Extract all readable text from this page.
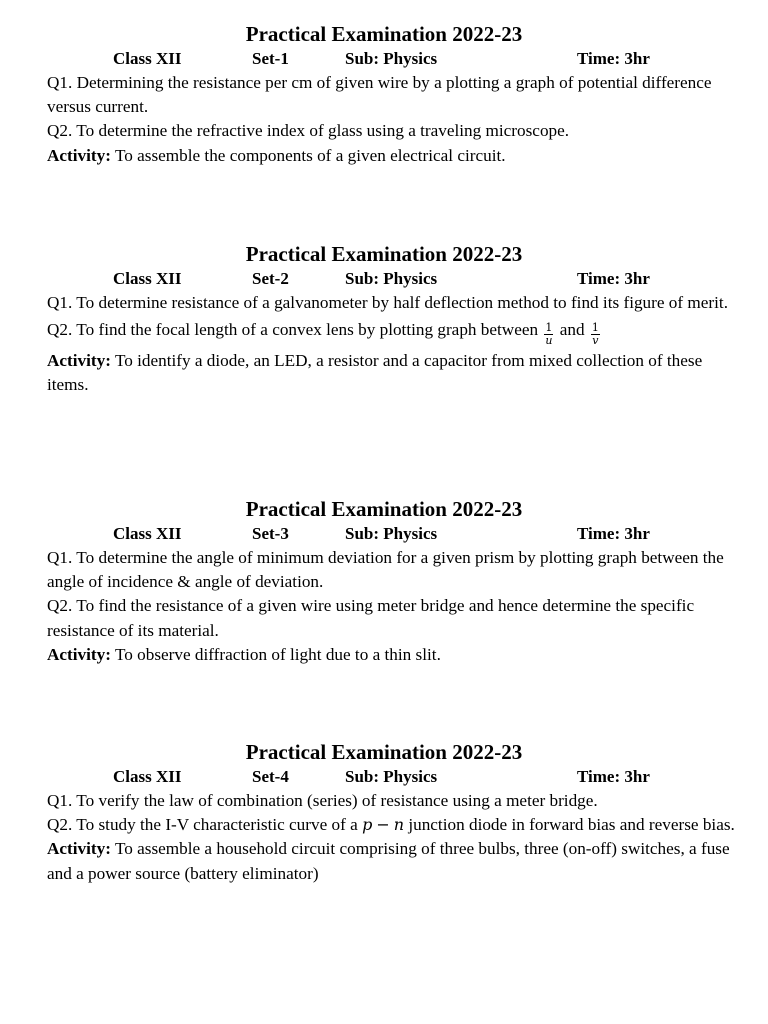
Practical Examination 2022-23
Class XII	Set-1	Sub: Physics	Time: 3hr

Q1. Determining the resistance per cm of given wire by a plotting a graph of potential difference versus current.

Q2. To determine the refractive index of glass using a traveling microscope.

Activity: To assemble the components of a given electrical circuit.

Practical Examination 2022-23
Class XII	Set-2	Sub: Physics	Time: 3hr

Q1. To determine resistance of a galvanometer by half deflection method to find its figure of merit.

Q2. To find the focal length of a convex lens by plotting graph between $\frac{1}{u}$ and $\frac{1}{v}$

Activity: To identify a diode, an LED, a resistor and a capacitor from mixed collection of these items.

Practical Examination 2022-23
Class XII	Set-3	Sub: Physics	Time: 3hr

Q1. To determine the angle of minimum deviation for a given prism by plotting graph between the angle of incidence & angle of deviation.

Q2. To find the resistance of a given wire using meter bridge and hence determine the specific resistance of its material.

Activity: To observe diffraction of light due to a thin slit.

Practical Examination 2022-23
Class XII	Set-4	Sub: Physics	Time: 3hr

Q1. To verify the law of combination (series) of resistance using a meter bridge.

Q2. To study the I-V characteristic curve of a p − n junction diode in forward bias and reverse bias.

Activity: To assemble a household circuit comprising of three bulbs, three (on-off) switches, a fuse and a power source (battery eliminator)
